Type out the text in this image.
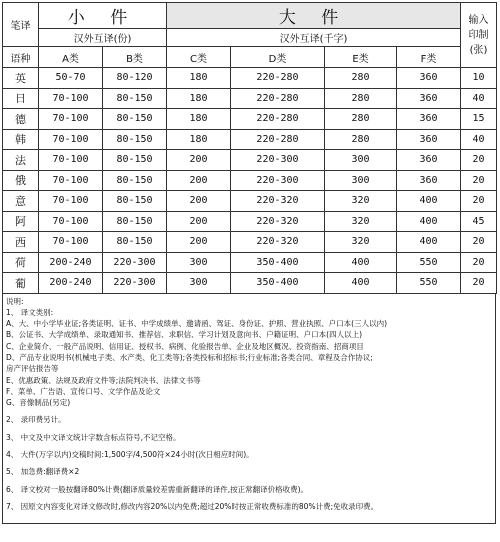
笔译	小 件		大 件				输入
印制
(张)

	汉外互译(份)		汉外互译(千字)				
语种	A类	B类	C类	D类	E类	F类	
英	50-70	80-120	180	220-280	280	360	10
日	70-100	80-150	180	220-280	280	360	40
德	70-100	80-150	180	220-280	280	360	15
韩	70-100	80-150	180	220-280	280	360	40
法	70-100	80-150	200	220-300	300	360	20
俄	70-100	80-150	200	220-300	300	360	20
意	70-100	80-150	200	220-320	320	400	20
阿	70-100	80-150	200	220-320	320	400	45
西	70-100	80-150	200	220-320	320	400	20
荷	200-240	220-300	300	350-400	400	550	20
葡	200-240	220-300	300	350-400	400	550	20
说明:
1、 译文类别:
A、大、中小学毕业证;各类证明、证书、中学成绩单、邀请函、驾证、身份证、护照、营业执照、户口本(三人以内)
B、公证书、大学成绩单、录取通知书、推荐信、求职信、学习计划及意向书、户籍证明、户口本(四人以上)
C、企业简介、一般产品说明、信用证、授权书、病例、化验报告单、企业及地区概况、投资指南、招商项目
D、产品专业说明书(机械电子类、水产类、化工类等);各类投标和招标书;行业标准;各类合同、章程及合作协议;
房产评估报告等
E、优惠政策、法规及政府文件等;法院判决书、法律文书等
F、菜单、广告语、宣传口号、文学作品及论文
G、音像制品(另定)
2、 录印费另计。
3、 中文及中文译文统计字数含标点符号,不记空格。
4、 大件(万字以内)交稿时间:1,500字/4,500符×24小时(次日相应时间)。
5、 加急费:翻译费×2
6、 译文校对一般按翻译80%计费(翻译质量较差需重新翻译的译件,按正常翻译价格收费)。
7、 因原文内容变化对译文修改时,修改内容20%以内免费;超过20%时按正常收费标准的80%计费;免收录印费。
